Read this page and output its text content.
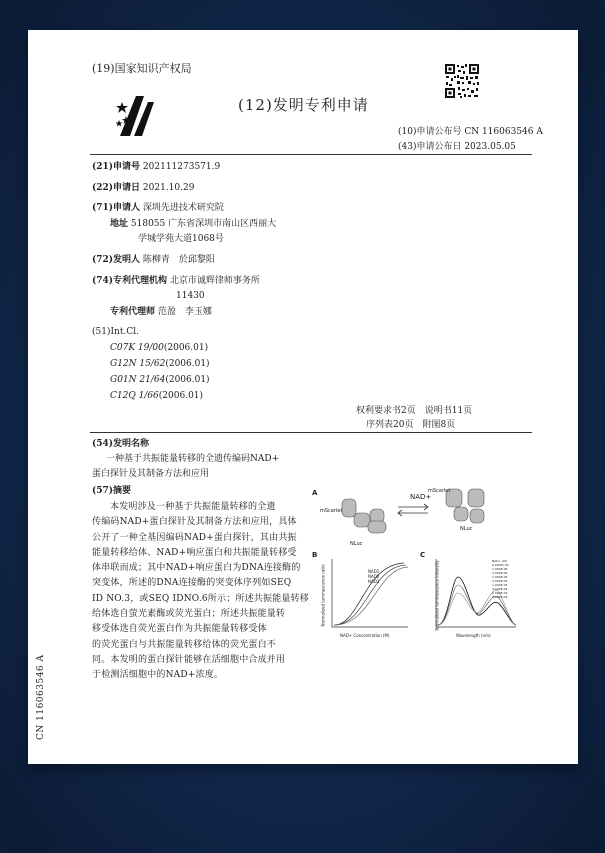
(19)国家知识产权局
(12)发明专利申请
(10)申请公布号 CN 116063546 A
(43)申请公布日 2023.05.05
(21)申请号 202111273571.9
(22)申请日 2021.10.29
(71)申请人 深圳先进技术研究院
地址 518055 广东省深圳市南山区西丽大
学城学苑大道1068号
(72)发明人 陈柳青　於邱黎阳
(74)专利代理机构 北京市诚辉律师事务所
11430
专利代理师 范盈　李玉娜
(51)Int.Cl.
C07K 19/00(2006.01)
G12N 15/62(2006.01)
G01N 21/64(2006.01)
C12Q 1/66(2006.01)
权利要求书2页　说明书11页
序列表20页　附图8页
(54)发明名称
一种基于共振能量转移的全遗传编码NAD+
蛋白探针及其制备方法和应用
(57)摘要
本发明涉及一种基于共振能量转移的全遗
传编码NAD+蛋白探针及其制备方法和应用，具体
公开了一种全基因编码NAD+蛋白探针，其由共振
能量转移给体、NAD+响应蛋白和共振能量转移受
体串联而成；其中NAD+响应蛋白为DNA连接酶的
突变体，所述的DNA连接酶的突变体序列如SEQ
ID NO.3，或SEQ IDNO.6所示；所述共振能量转移
给体选自萤光素酶或荧光蛋白；所述共振能量转
移受体选自荧光蛋白作为共振能量转移受体
的荧光蛋白与共振能量转移给体的荧光蛋白不
同。本发明的蛋白探针能够在活细胞中合成并用
于检测活细胞中的NAD+浓度。
A	NAD+
mScarlet
NLuc
mScarlet
NLuc
B
NAD1
NAD2
NAD3
NAD+ Concentration (M)
Normalized luminescence ratio
C
NAD+ (M)
0.000E+00
1.000E-06
3.000E-06
1.000E-05
3.000E-05
1.000E-04
3.000E-04
1.000E-03
3.000E-03
Wavelength (nm)
Normalized luminescence intensity
CN 116063546 A
